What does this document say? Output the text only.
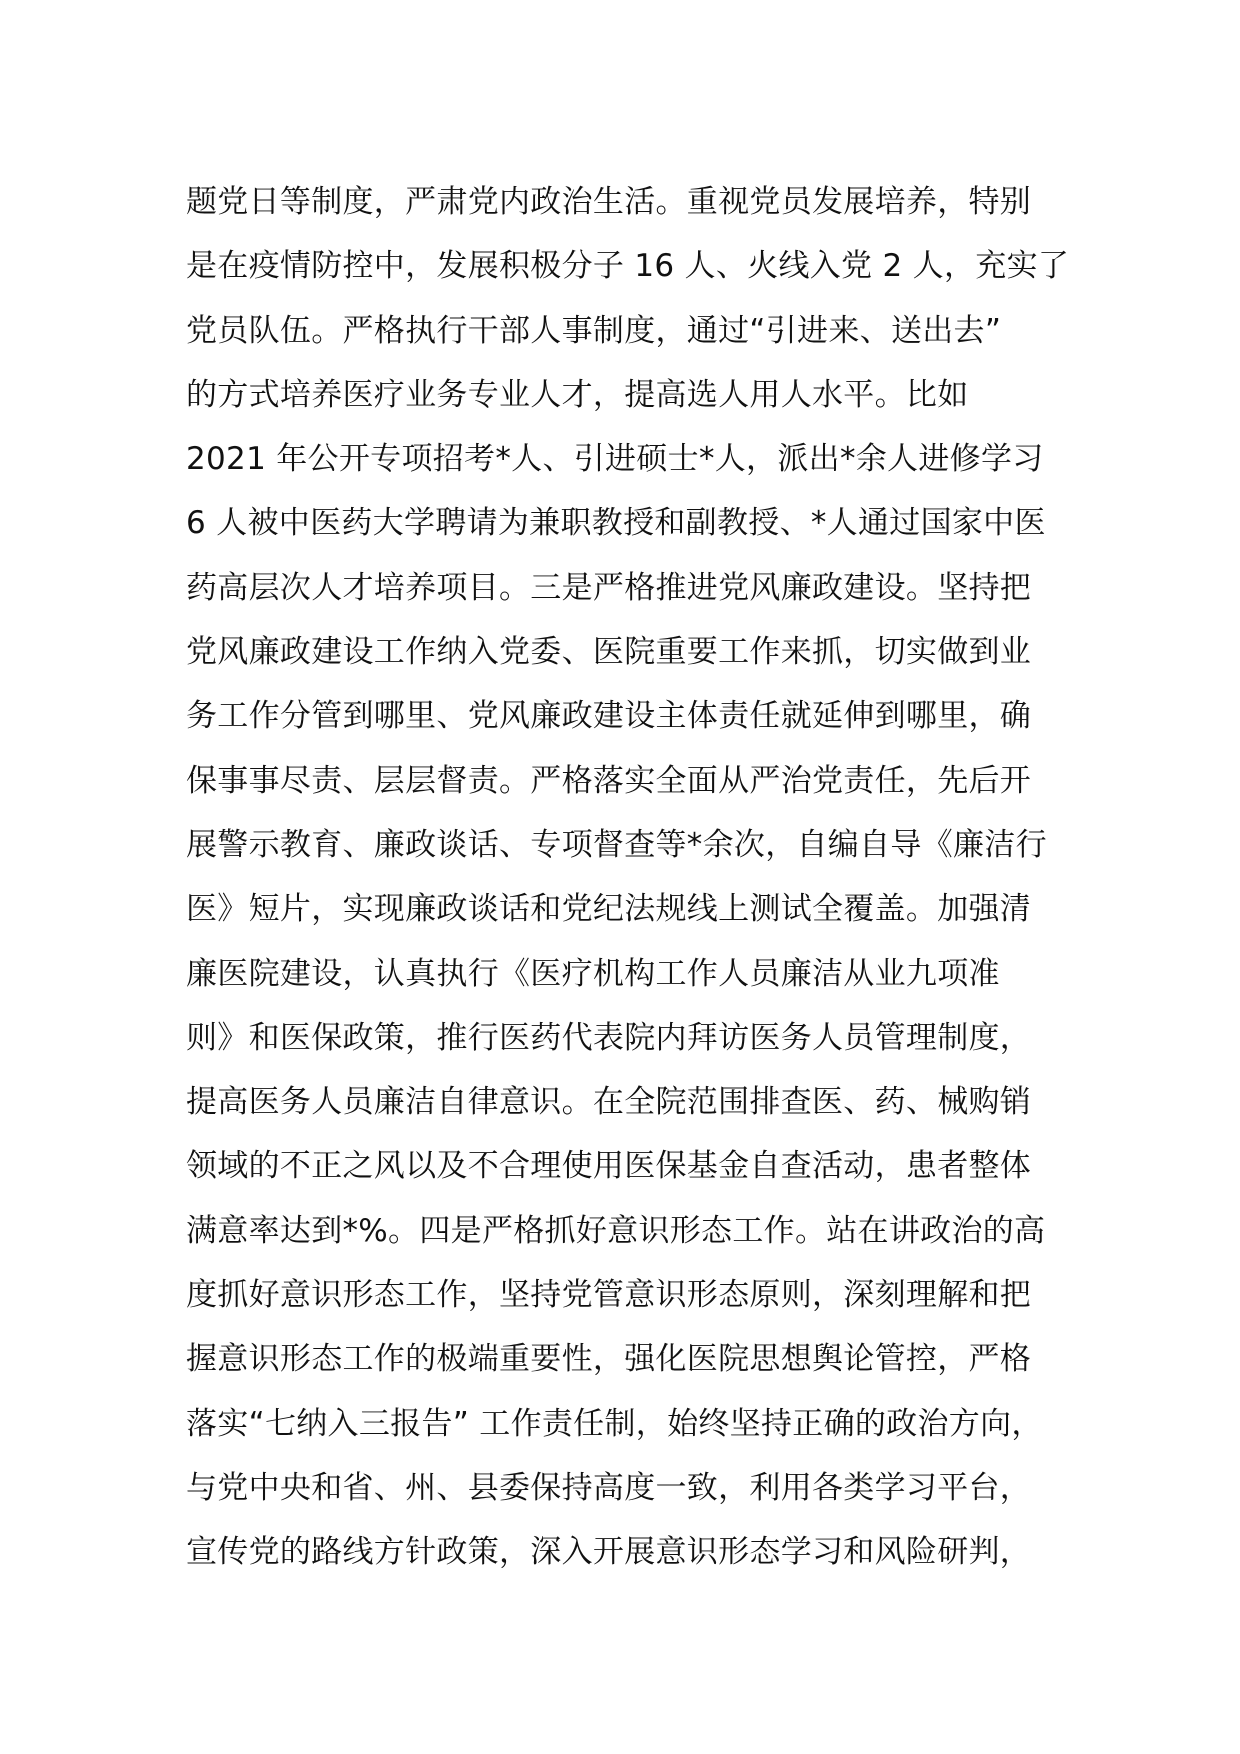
题党日等制度，严肃党内政治生活。重视党员发展培养，特别
是在疫情防控中，发展积极分子 16 人、火线入党 2 人，充实了
党员队伍。严格执行干部人事制度，通过“引进来、送出去”
的方式培养医疗业务专业人才，提高选人用人水平。比如
2021 年公开专项招考*人、引进硕士*人，派出*余人进修学习
6 人被中医药大学聘请为兼职教授和副教授、*人通过国家中医
药高层次人才培养项目。三是严格推进党风廉政建设。坚持把
党风廉政建设工作纳入党委、医院重要工作来抓，切实做到业
务工作分管到哪里、党风廉政建设主体责任就延伸到哪里，确
保事事尽责、层层督责。严格落实全面从严治党责任，先后开
展警示教育、廉政谈话、专项督查等*余次，自编自导《廉洁行
医》短片，实现廉政谈话和党纪法规线上测试全覆盖。加强清
廉医院建设，认真执行《医疗机构工作人员廉洁从业九项准
则》和医保政策，推行医药代表院内拜访医务人员管理制度，
提高医务人员廉洁自律意识。在全院范围排查医、药、械购销
领域的不正之风以及不合理使用医保基金自查活动，患者整体
满意率达到*%。四是严格抓好意识形态工作。站在讲政治的高
度抓好意识形态工作，坚持党管意识形态原则，深刻理解和把
握意识形态工作的极端重要性，强化医院思想舆论管控，严格
落实“七纳入三报告” 工作责任制，始终坚持正确的政治方向，
与党中央和省、州、县委保持高度一致，利用各类学习平台，
宣传党的路线方针政策，深入开展意识形态学习和风险研判，
